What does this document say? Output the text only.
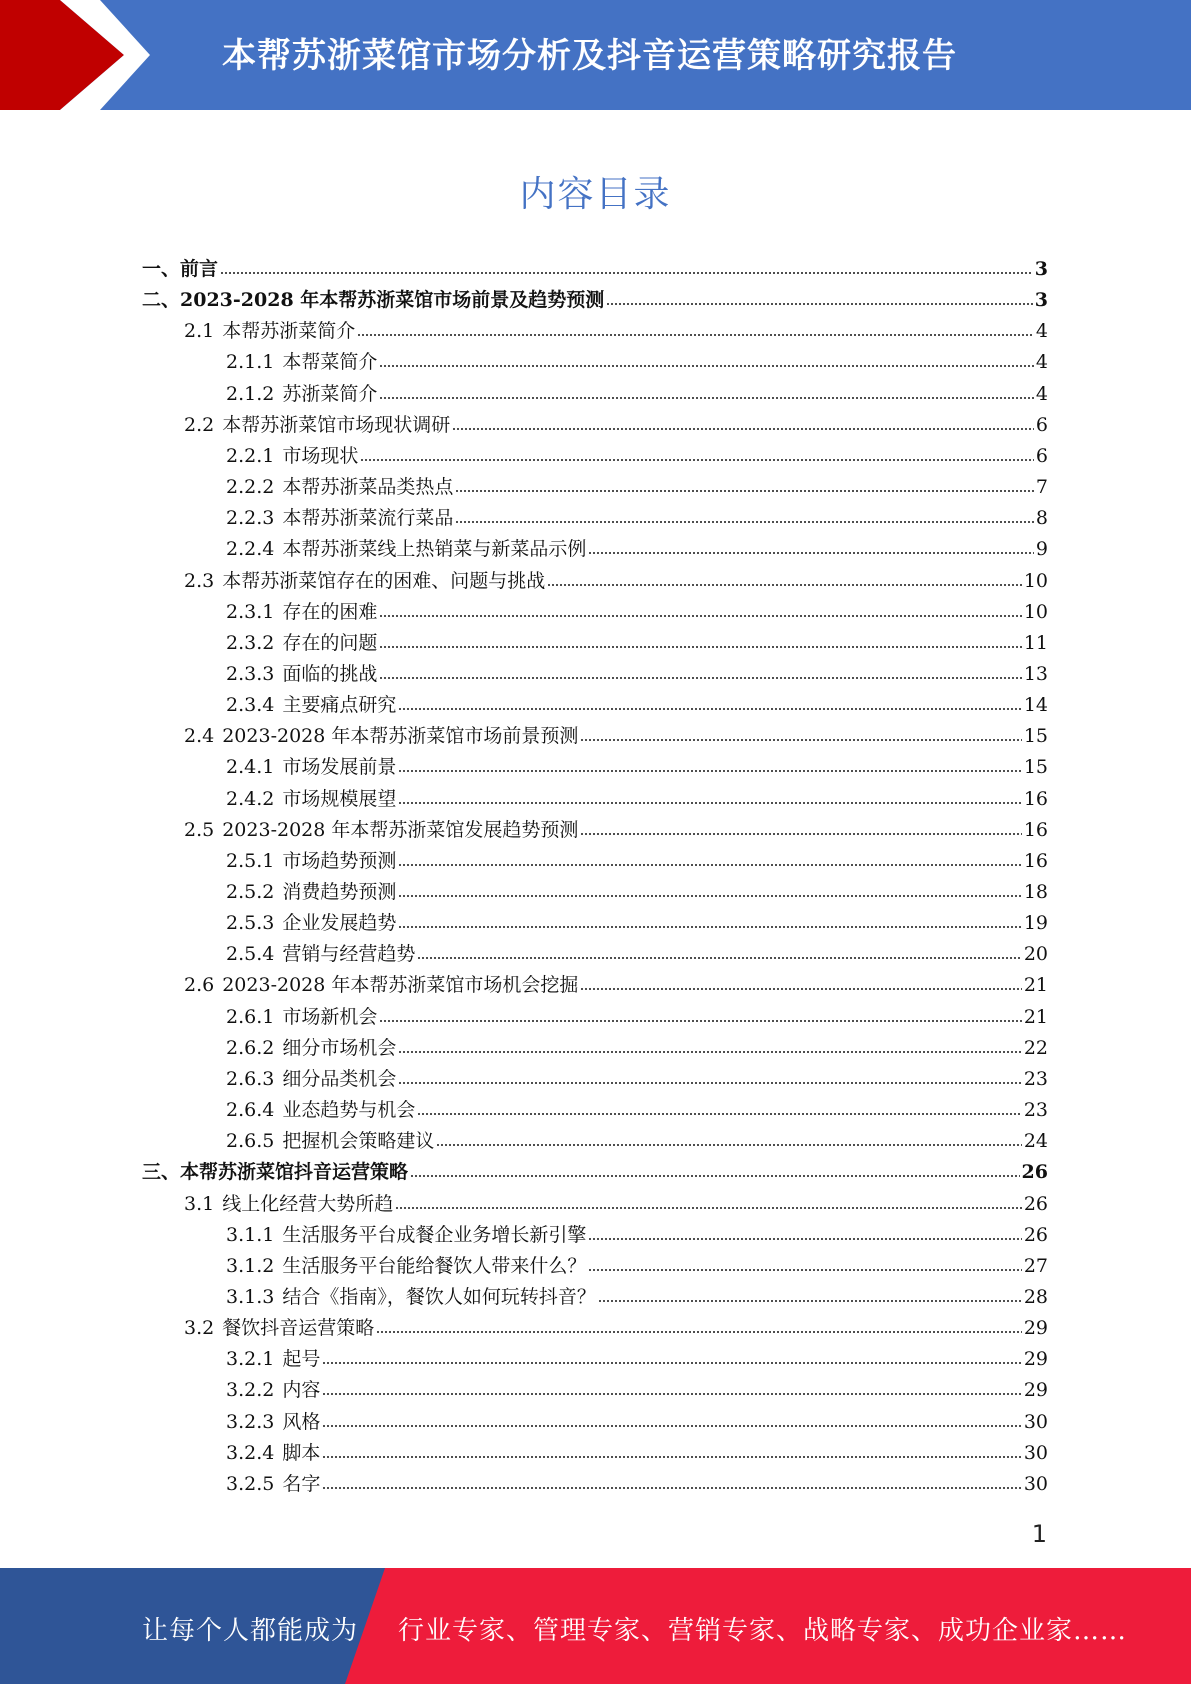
本帮苏浙菜馆市场分析及抖音运营策略研究报告
内容目录
一、 前言	3
二、 2023-2028 年本帮苏浙菜馆市场前景及趋势预测	3
2.1 本帮苏浙菜简介	4
2.1.1 本帮菜简介	4
2.1.2 苏浙菜简介	4
2.2 本帮苏浙菜馆市场现状调研	6
2.2.1 市场现状	6
2.2.2 本帮苏浙菜品类热点	7
2.2.3 本帮苏浙菜流行菜品	8
2.2.4 本帮苏浙菜线上热销菜与新菜品示例	9
2.3 本帮苏浙菜馆存在的困难、问题与挑战	10
2.3.1 存在的困难	10
2.3.2 存在的问题	11
2.3.3 面临的挑战	13
2.3.4 主要痛点研究	14
2.4 2023-2028 年本帮苏浙菜馆市场前景预测	15
2.4.1 市场发展前景	15
2.4.2 市场规模展望	16
2.5 2023-2028 年本帮苏浙菜馆发展趋势预测	16
2.5.1 市场趋势预测	16
2.5.2 消费趋势预测	18
2.5.3 企业发展趋势	19
2.5.4 营销与经营趋势	20
2.6 2023-2028 年本帮苏浙菜馆市场机会挖掘	21
2.6.1 市场新机会	21
2.6.2 细分市场机会	22
2.6.3 细分品类机会	23
2.6.4 业态趋势与机会	23
2.6.5 把握机会策略建议	24
三、 本帮苏浙菜馆抖音运营策略	26
3.1 线上化经营大势所趋	26
3.1.1 生活服务平台成餐企业务增长新引擎	26
3.1.2 生活服务平台能给餐饮人带来什么？	27
3.1.3 结合《指南》，餐饮人如何玩转抖音？	28
3.2 餐饮抖音运营策略	29
3.2.1 起号	29
3.2.2 内容	29
3.2.3 风格	30
3.2.4 脚本	30
3.2.5 名字	30
1
让每个人都能成为 行业专家、管理专家、营销专家、战略专家、成功企业家……
